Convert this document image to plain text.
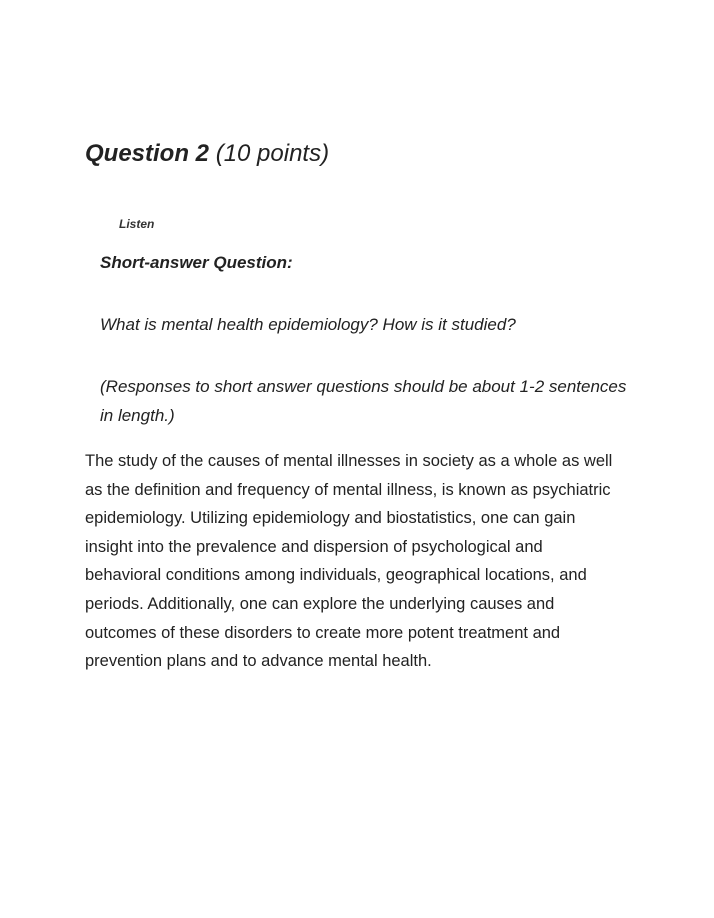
Question 2 (10 points)
Listen
Short-answer Question:
What is mental health epidemiology? How is it studied?
(Responses to short answer questions should be about 1-2 sentences
in length.)
The study of the causes of mental illnesses in society as a whole as well
as the definition and frequency of mental illness, is known as psychiatric
epidemiology. Utilizing epidemiology and biostatistics, one can gain
insight into the prevalence and dispersion of psychological and
behavioral conditions among individuals, geographical locations, and
periods. Additionally, one can explore the underlying causes and
outcomes of these disorders to create more potent treatment and
prevention plans and to advance mental health.
